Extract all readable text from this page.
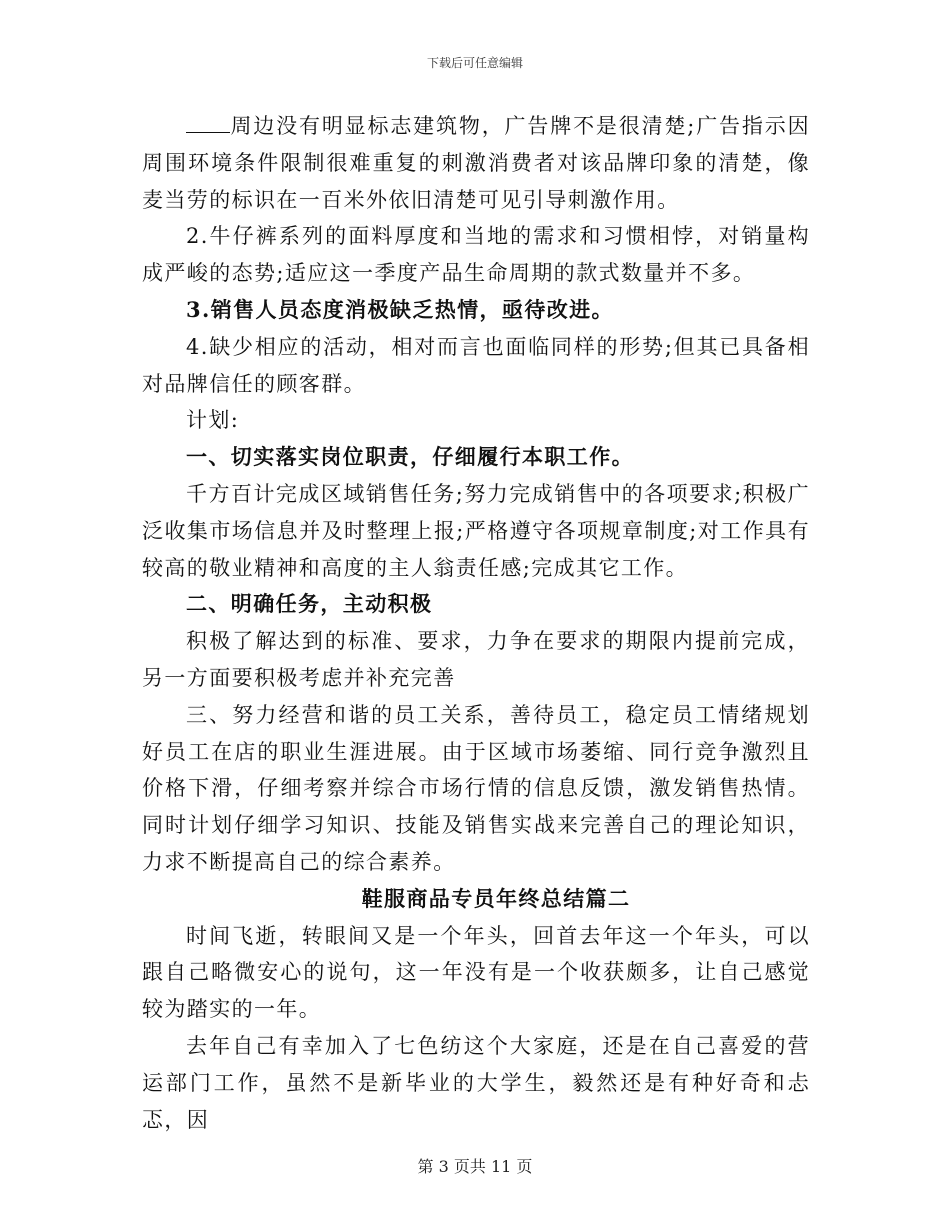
下载后可任意编辑

周边没有明显标志建筑物，广告牌不是很清楚;广告指示因周围环境条件限制很难重复的刺激消费者对该品牌印象的清楚，像麦当劳的标识在一百米外依旧清楚可见引导刺激作用。

2.牛仔裤系列的面料厚度和当地的需求和习惯相悖，对销量构成严峻的态势;适应这一季度产品生命周期的款式数量并不多。

3.销售人员态度消极缺乏热情，亟待改进。

4.缺少相应的活动，相对而言也面临同样的形势;但其已具备相对品牌信任的顾客群。

计划:

一、切实落实岗位职责，仔细履行本职工作。

千方百计完成区域销售任务;努力完成销售中的各项要求;积极广泛收集市场信息并及时整理上报;严格遵守各项规章制度;对工作具有较高的敬业精神和高度的主人翁责任感;完成其它工作。

二、明确任务，主动积极

积极了解达到的标准、要求，力争在要求的期限内提前完成，另一方面要积极考虑并补充完善

三、努力经营和谐的员工关系，善待员工，稳定员工情绪规划好员工在店的职业生涯进展。由于区域市场萎缩、同行竞争激烈且价格下滑，仔细考察并综合市场行情的信息反馈，激发销售热情。同时计划仔细学习知识、技能及销售实战来完善自己的理论知识，力求不断提高自己的综合素养。

鞋服商品专员年终总结篇二

时间飞逝，转眼间又是一个年头，回首去年这一个年头，可以跟自己略微安心的说句，这一年没有是一个收获颇多，让自己感觉较为踏实的一年。

去年自己有幸加入了七色纺这个大家庭，还是在自己喜爱的营运部门工作，虽然不是新毕业的大学生，毅然还是有种好奇和忐忑，因

第 3 页共 11 页
